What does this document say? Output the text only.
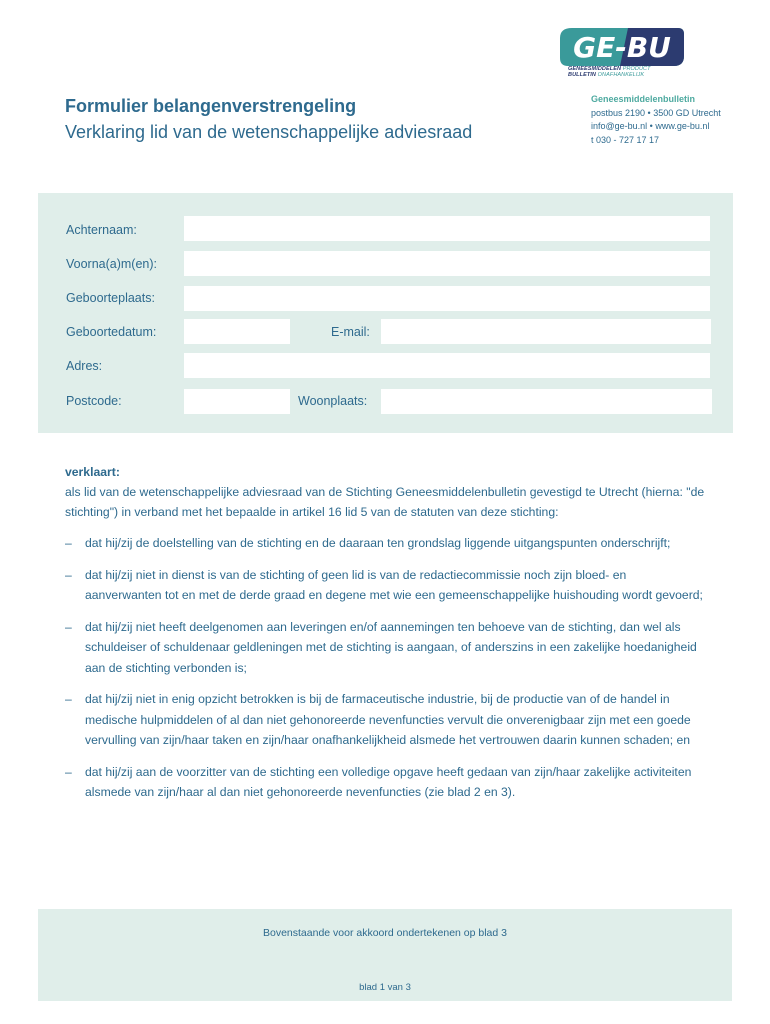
GE-BU
GENEESMIDDELEN PRODUCT
BULLETIN ONAFHANKELIJK
Formulier belangenverstrengeling
Verklaring lid van de wetenschappelijke adviesraad
Geneesmiddelenbulletin
postbus 2190 • 3500 GD Utrecht
info@ge-bu.nl • www.ge-bu.nl
t 030 - 727 17 17
Achternaam:
Voorna(a)m(en):
Geboorteplaats:
Geboortedatum:	E-mail:
Adres:
Postcode:	Woonplaats:
verklaart:
als lid van de wetenschappelijke adviesraad van de Stichting Geneesmiddelenbulletin gevestigd te Utrecht (hierna: "de stichting") in verband met het bepaalde in artikel 16 lid 5 van de statuten van deze stichting:
– dat hij/zij de doelstelling van de stichting en de daaraan ten grondslag liggende uitgangspunten onderschrijft;
– dat hij/zij niet in dienst is van de stichting of geen lid is van de redactiecommissie noch zijn bloed- en aanverwanten tot en met de derde graad en degene met wie een gemeenschappelijke huishouding wordt gevoerd;
– dat hij/zij niet heeft deelgenomen aan leveringen en/of aannemingen ten behoeve van de stichting, dan wel als schuldeiser of schuldenaar geldleningen met de stichting is aangaan, of anderszins in een zakelijke hoedanigheid aan de stichting verbonden is;
– dat hij/zij niet in enig opzicht betrokken is bij de farmaceutische industrie, bij de productie van of de handel in medische hulpmiddelen of al dan niet gehonoreerde nevenfuncties vervult die onverenigbaar zijn met een goede vervulling van zijn/haar taken en zijn/haar onafhankelijkheid alsmede het vertrouwen daarin kunnen schaden; en
– dat hij/zij aan de voorzitter van de stichting een volledige opgave heeft gedaan van zijn/haar zakelijke activiteiten alsmede van zijn/haar al dan niet gehonoreerde nevenfuncties (zie blad 2 en 3).
Bovenstaande voor akkoord ondertekenen op blad 3
blad 1 van 3
